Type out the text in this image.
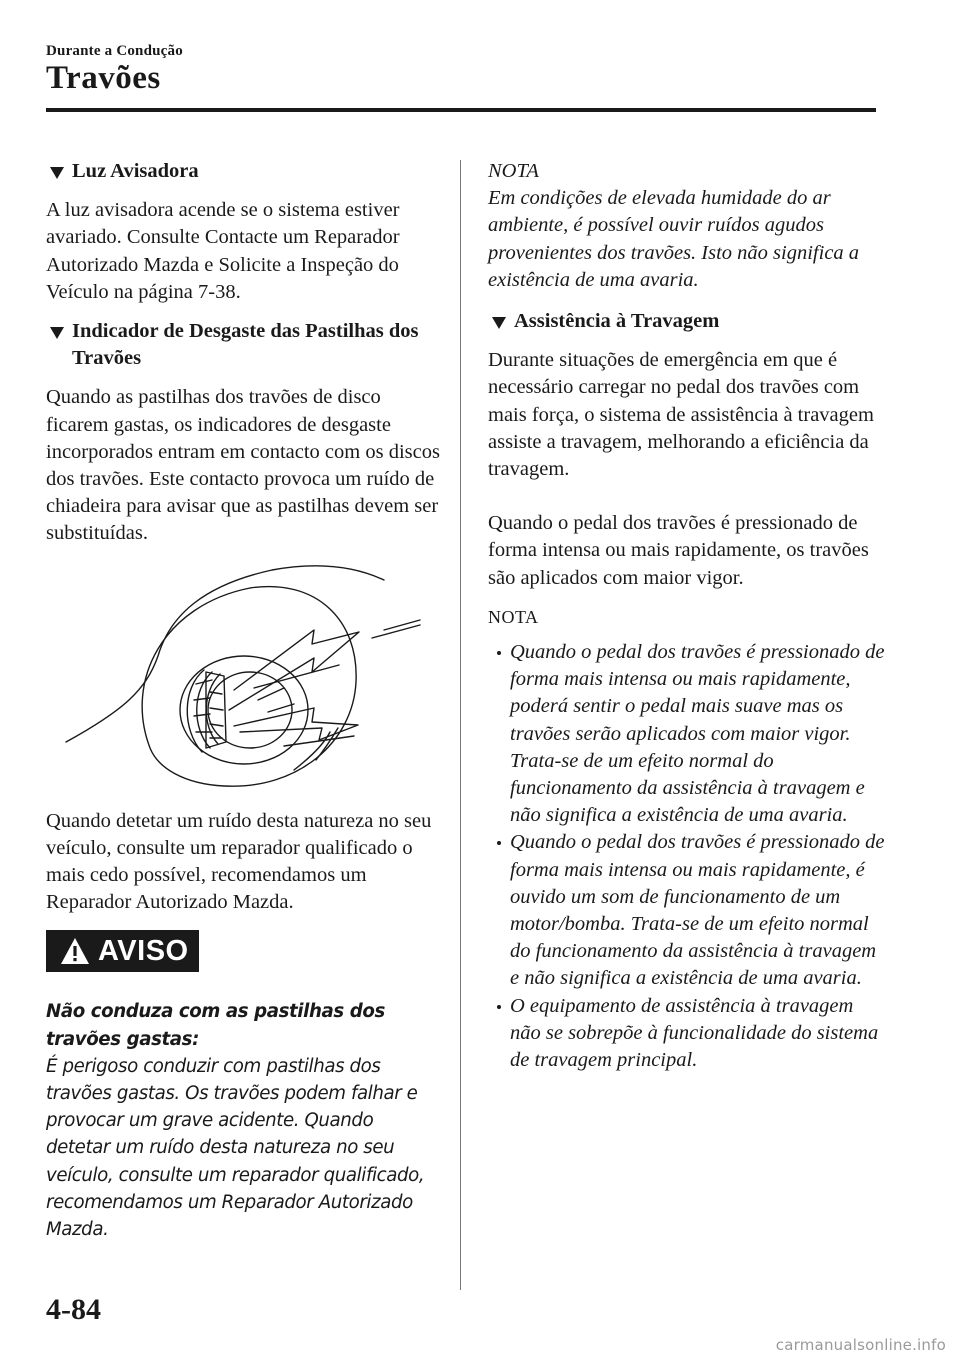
Durante a Condução
Travões
Luz Avisadora

A luz avisadora acende se o sistema estiver avariado. Consulte Contacte um Reparador Autorizado Mazda e Solicite a Inspeção do Veículo na página 7-38.

Indicador de Desgaste das Pastilhas dos Travões

Quando as pastilhas dos travões de disco ficarem gastas, os indicadores de desgaste incorporados entram em contacto com os discos dos travões. Este contacto provoca um ruído de chiadeira para avisar que as pastilhas devem ser substituídas.

Quando detetar um ruído desta natureza no seu veículo, consulte um reparador qualificado o mais cedo possível, recomendamos um Reparador Autorizado Mazda.

AVISO
Não conduza com as pastilhas dos travões gastas:
É perigoso conduzir com pastilhas dos travões gastas. Os travões podem falhar e provocar um grave acidente. Quando detetar um ruído desta natureza no seu veículo, consulte um reparador qualificado, recomendamos um Reparador Autorizado Mazda.
NOTA

Em condições de elevada humidade do ar ambiente, é possível ouvir ruídos agudos provenientes dos travões. Isto não significa a existência de uma avaria.

Assistência à Travagem

Durante situações de emergência em que é necessário carregar no pedal dos travões com mais força, o sistema de assistência à travagem assiste a travagem, melhorando a eficiência da travagem.

Quando o pedal dos travões é pressionado de forma intensa ou mais rapidamente, os travões são aplicados com maior vigor.

NOTA
Quando o pedal dos travões é pressionado de forma mais intensa ou mais rapidamente, poderá sentir o pedal mais suave mas os travões serão aplicados com maior vigor. Trata-se de um efeito normal do funcionamento da assistência à travagem e não significa a existência de uma avaria.
Quando o pedal dos travões é pressionado de forma mais intensa ou mais rapidamente, é ouvido um som de funcionamento de um motor/bomba. Trata-se de um efeito normal do funcionamento da assistência à travagem e não significa a existência de uma avaria.
O equipamento de assistência à travagem não se sobrepõe à funcionalidade do sistema de travagem principal.
4-84
carmanualsonline.info
